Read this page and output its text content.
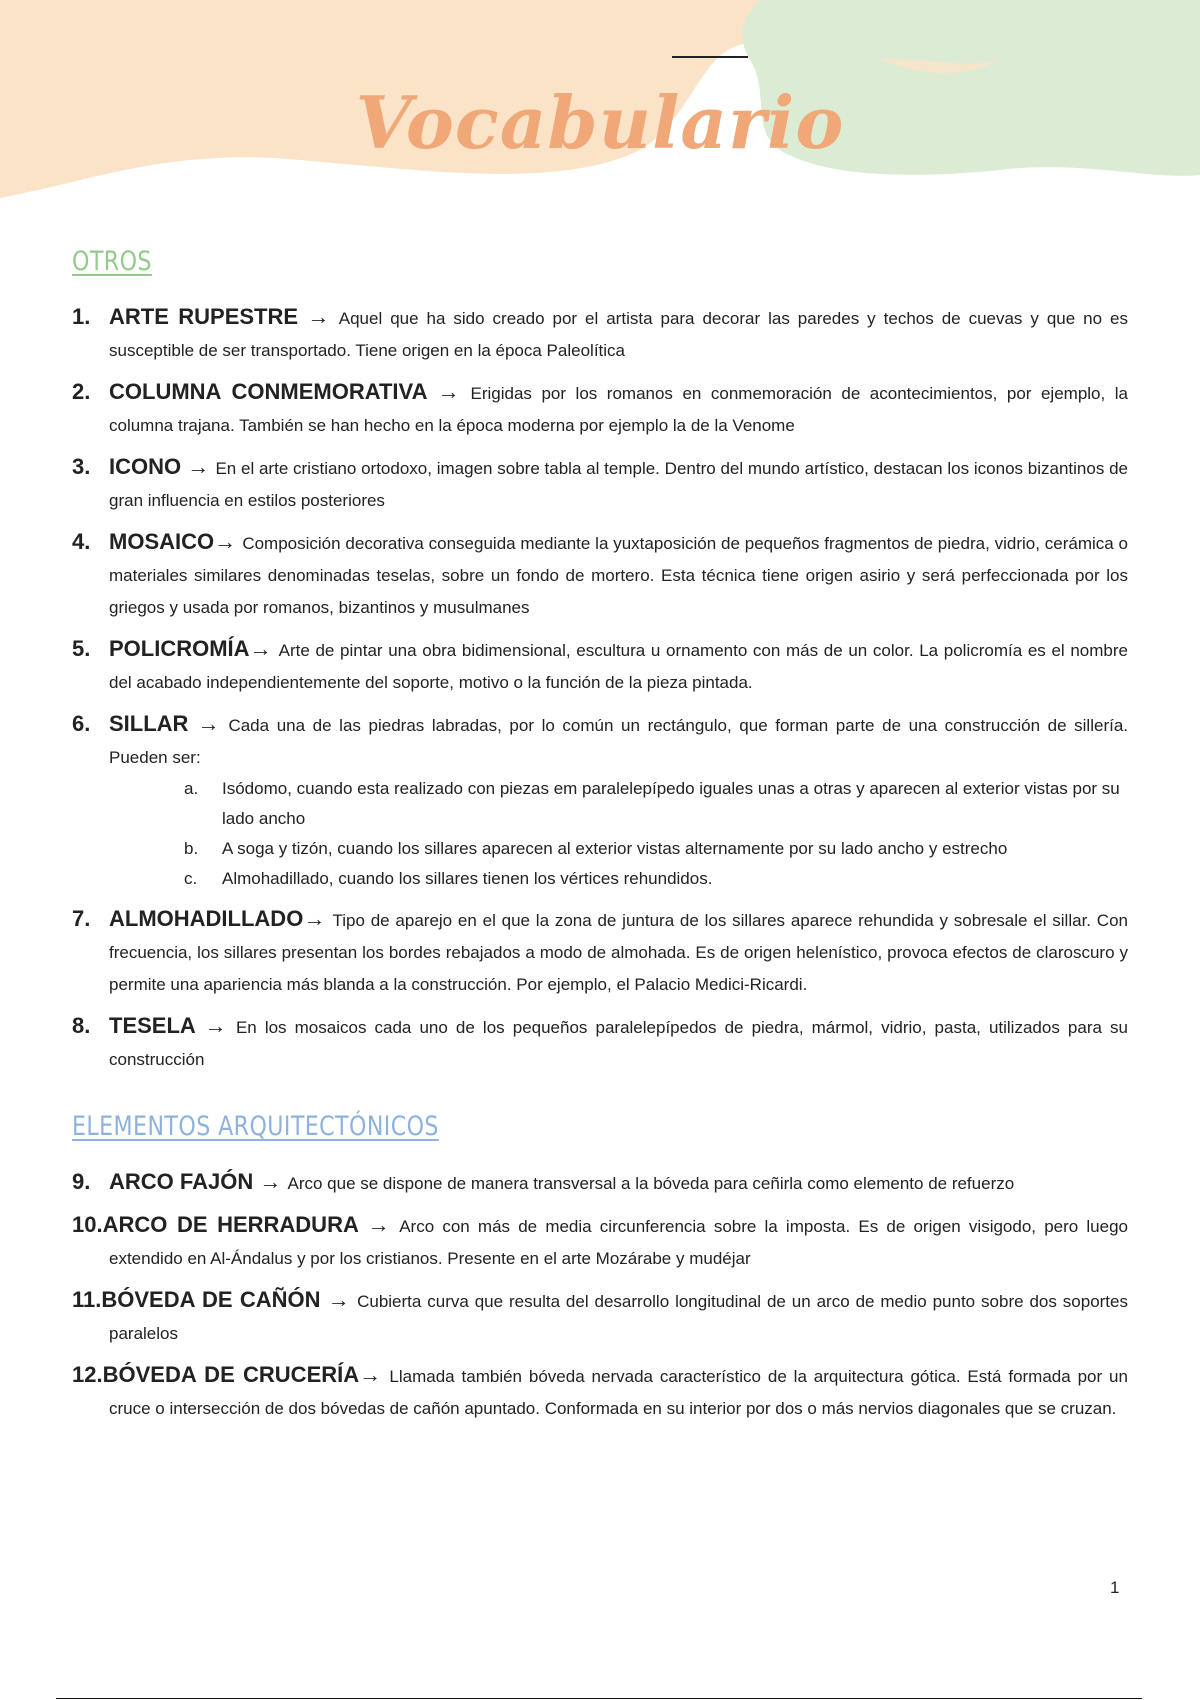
Vocabulario
OTROS
1. ARTE RUPESTRE → Aquel que ha sido creado por el artista para decorar las paredes y techos de cuevas y que no es susceptible de ser transportado. Tiene origen en la época Paleolítica

2. COLUMNA CONMEMORATIVA → Erigidas por los romanos en conmemoración de acontecimientos, por ejemplo, la columna trajana. También se han hecho en la época moderna por ejemplo la de la Venome

3. ICONO → En el arte cristiano ortodoxo, imagen sobre tabla al temple. Dentro del mundo artístico, destacan los iconos bizantinos de gran influencia en estilos posteriores

4. MOSAICO→ Composición decorativa conseguida mediante la yuxtaposición de pequeños fragmentos de piedra, vidrio, cerámica o materiales similares denominadas teselas, sobre un fondo de mortero. Esta técnica tiene origen asirio y será perfeccionada por los griegos y usada por romanos, bizantinos y musulmanes

5. POLICROMÍA→ Arte de pintar una obra bidimensional, escultura u ornamento con más de un color. La policromía es el nombre del acabado independientemente del soporte, motivo o la función de la pieza pintada.

6. SILLAR → Cada una de las piedras labradas, por lo común un rectángulo, que forman parte de una construcción de sillería. Pueden ser:

a. Isódomo, cuando esta realizado con piezas em paralelepípedo iguales unas a otras y aparecen al exterior vistas por su lado ancho
b. A soga y tizón, cuando los sillares aparecen al exterior vistas alternamente por su lado ancho y estrecho
c. Almohadillado, cuando los sillares tienen los vértices rehundidos.
7. ALMOHADILLADO→ Tipo de aparejo en el que la zona de juntura de los sillares aparece rehundida y sobresale el sillar. Con frecuencia, los sillares presentan los bordes rebajados a modo de almohada. Es de origen helenístico, provoca efectos de claroscuro y permite una apariencia más blanda a la construcción. Por ejemplo, el Palacio Medici-Ricardi.

8. TESELA → En los mosaicos cada uno de los pequeños paralelepípedos de piedra, mármol, vidrio, pasta, utilizados para su construcción

ELEMENTOS ARQUITECTÓNICOS
9. ARCO FAJÓN → Arco que se dispone de manera transversal a la bóveda para ceñirla como elemento de refuerzo

10.ARCO DE HERRADURA → Arco con más de media circunferencia sobre la imposta. Es de origen visigodo, pero luego extendido en Al-Ándalus y por los cristianos. Presente en el arte Mozárabe y mudéjar

11.BÓVEDA DE CAÑÓN → Cubierta curva que resulta del desarrollo longitudinal de un arco de medio punto sobre dos soportes paralelos

12.BÓVEDA DE CRUCERÍA→ Llamada también bóveda nervada característico de la arquitectura gótica. Está formada por un cruce o intersección de dos bóvedas de cañón apuntado. Conformada en su interior por dos o más nervios diagonales que se cruzan.

1
